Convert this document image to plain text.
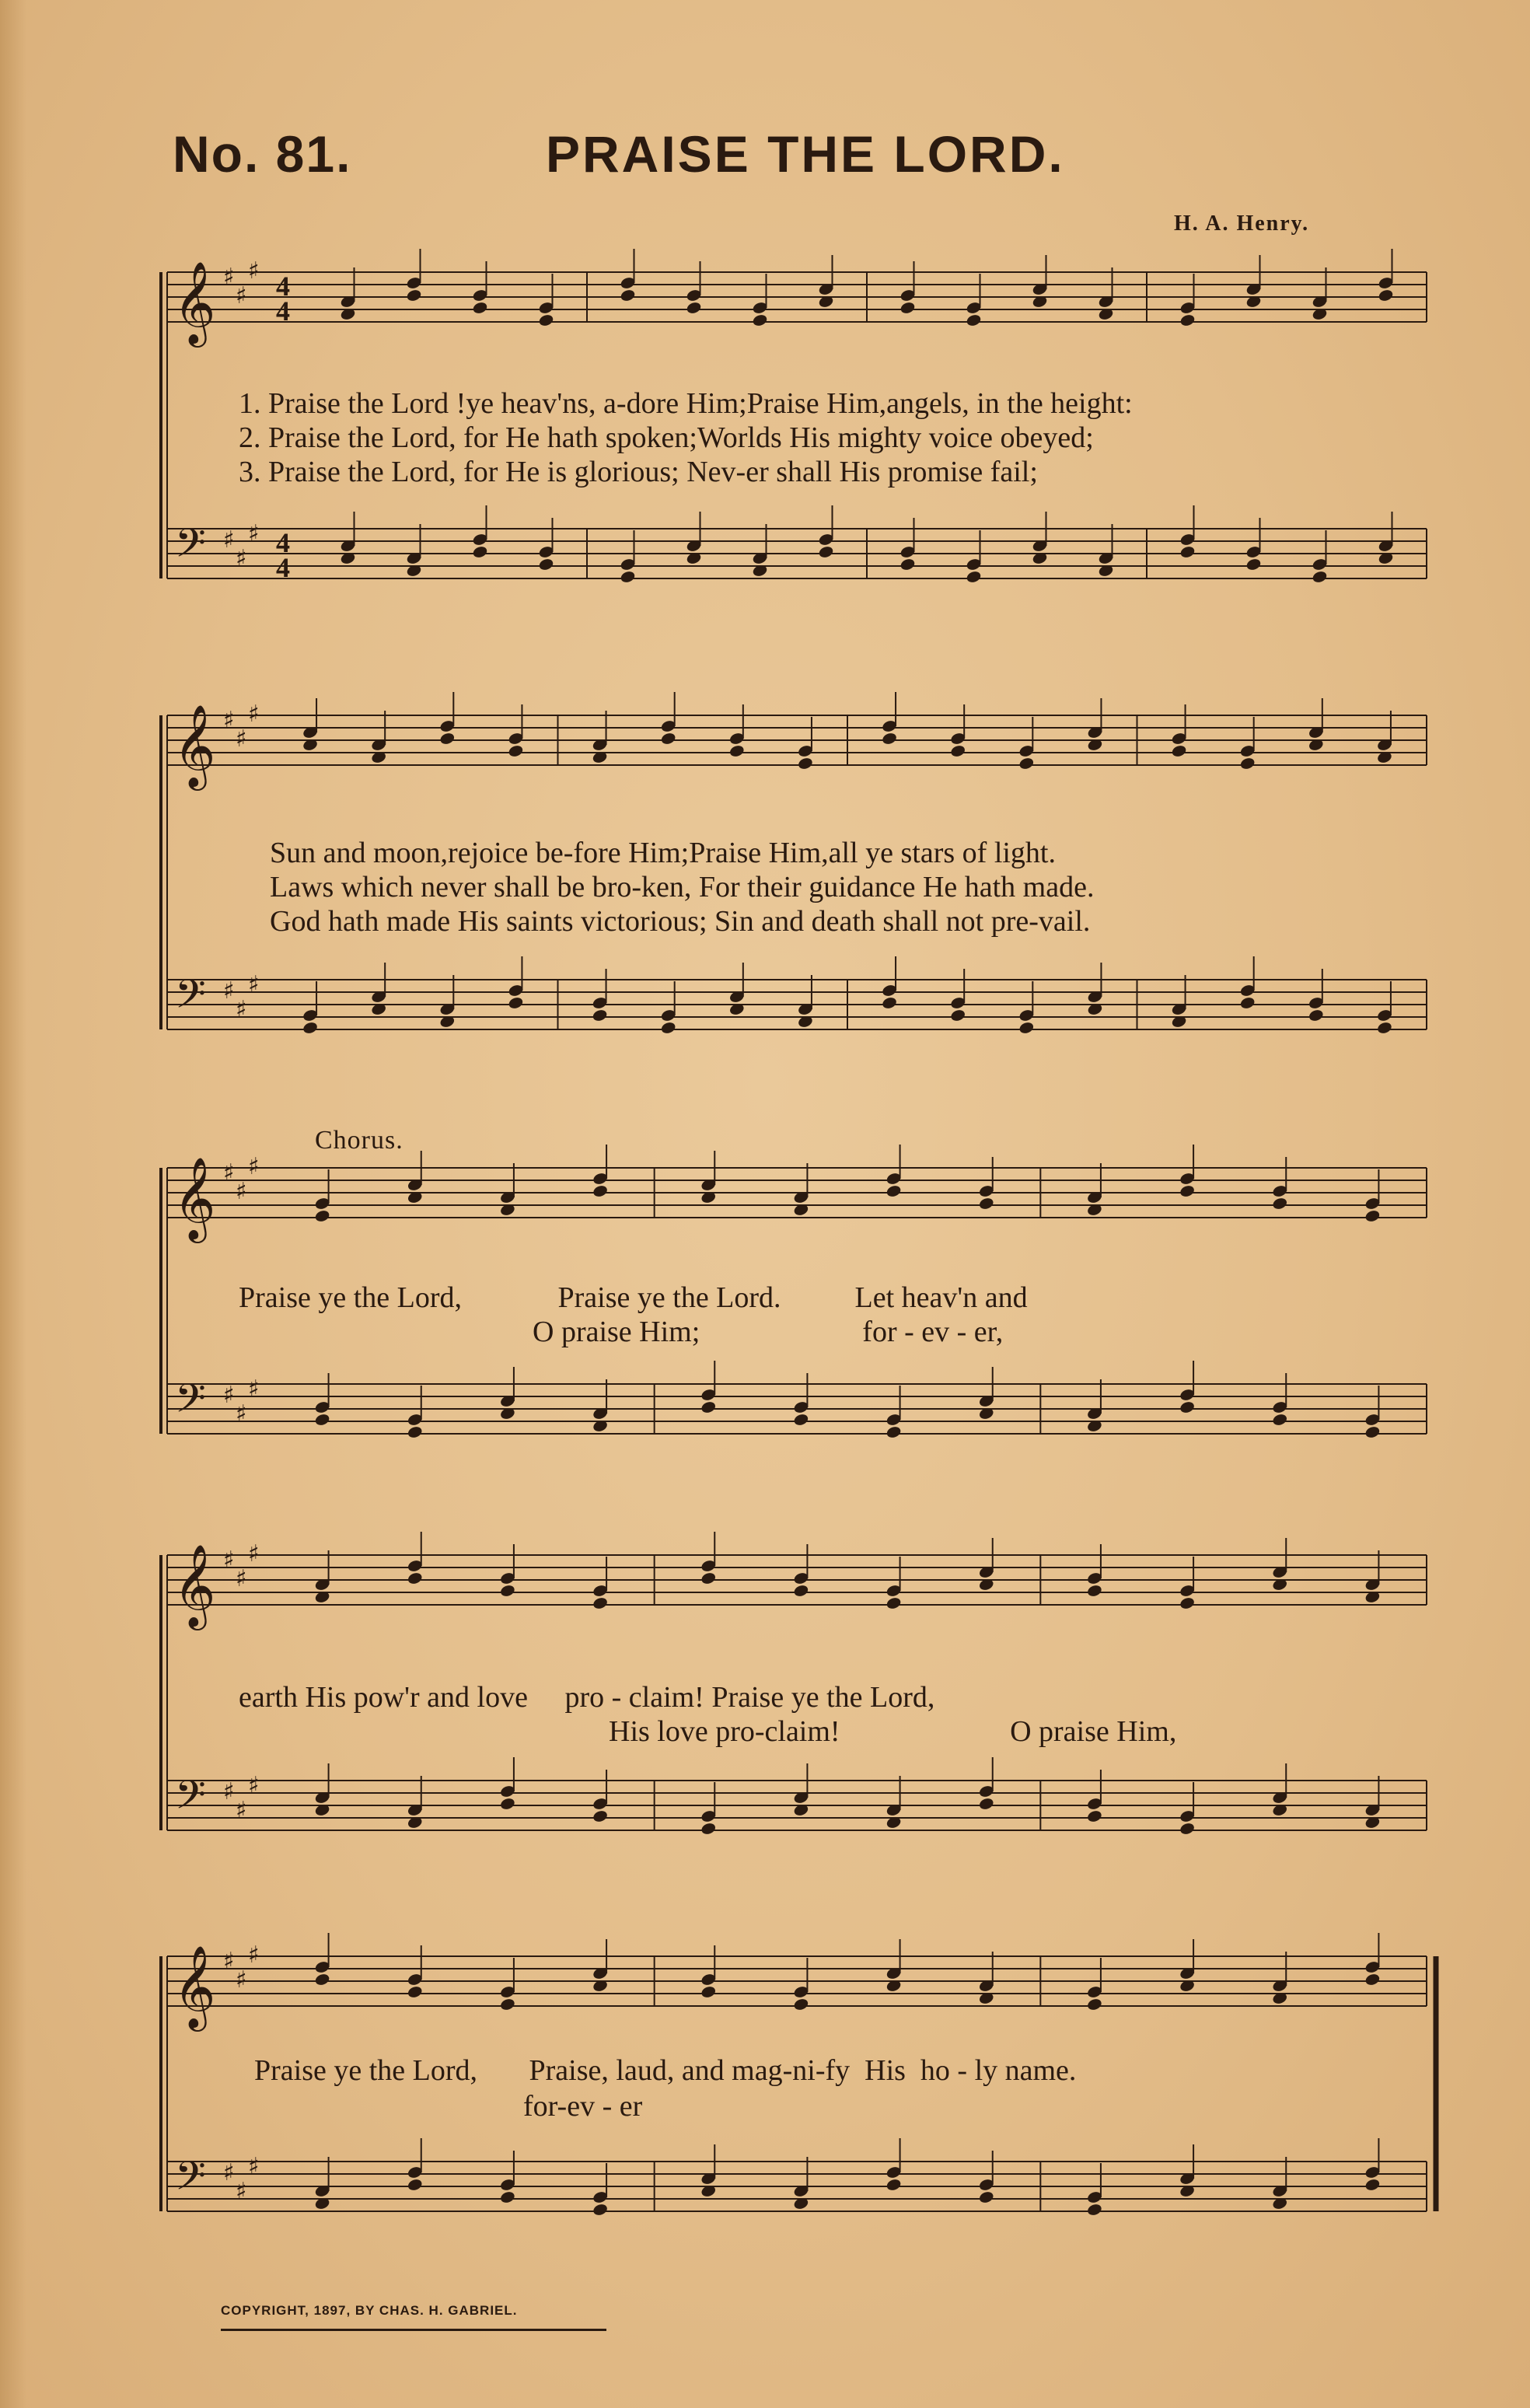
No. 81.	PRAISE THE LORD.
H. A. Henry.
𝄞
𝄢
♯
♯
♯
♯
♯
♯
4
4
4
4
1. Praise the Lord !ye heav'ns, a-dore Him;Praise Him,angels, in the height:
2. Praise the Lord, for He hath spoken;Worlds His mighty voice obeyed;
3. Praise the Lord, for He is glorious; Nev-er shall His promise fail;
𝄞
𝄢
♯
♯
♯
♯
♯
♯
Sun and moon,rejoice be-fore Him;Praise Him,all ye stars of light.
Laws which never shall be bro-ken, For their guidance He hath made.
God hath made His saints victorious; Sin and death shall not pre-vail.
Chorus.
𝄞
𝄢
♯
♯
♯
♯
♯
♯
Praise ye the Lord,             Praise ye the Lord.          Let heav'n and
O praise Him;                      for - ev - er,
𝄞
𝄢
♯
♯
♯
♯
♯
♯
earth His pow'r and love     pro - claim! Praise ye the Lord,
His love pro-claim!                       O praise Him,
𝄞
𝄢
♯
♯
♯
♯
♯
♯
Praise ye the Lord,       Praise, laud, and mag-ni-fy  His  ho - ly name.
for-ev - er
COPYRIGHT, 1897, BY CHAS. H. GABRIEL.
